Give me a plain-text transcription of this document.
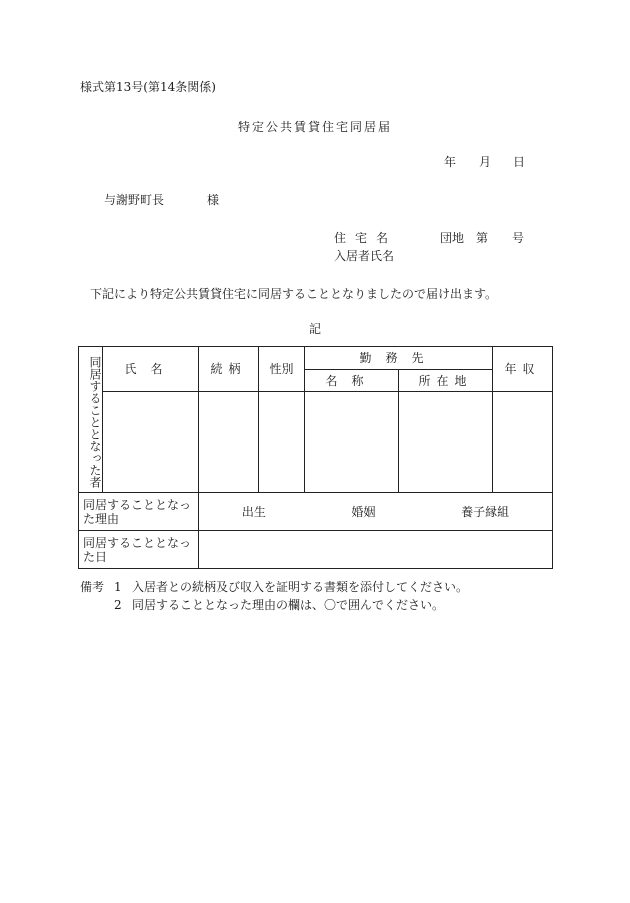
様式第13号(第14条関係)
特定公共賃貸住宅同居届
年 月 日
与謝野町長	様
住宅名	団地 第 号
入居者氏名
下記により特定公共賃貸住宅に同居することとなりましたので届け出ます。
記
同居することとなった者	氏名	続柄	性別	勤務先		年収
				名称	所在地	

同居することとなった理由		出生 婚姻 養子縁組				

同居することとなった日						
備考 1 入居者との続柄及び収入を証明する書類を添付してください。
2 同居することとなった理由の欄は、〇で囲んでください。
